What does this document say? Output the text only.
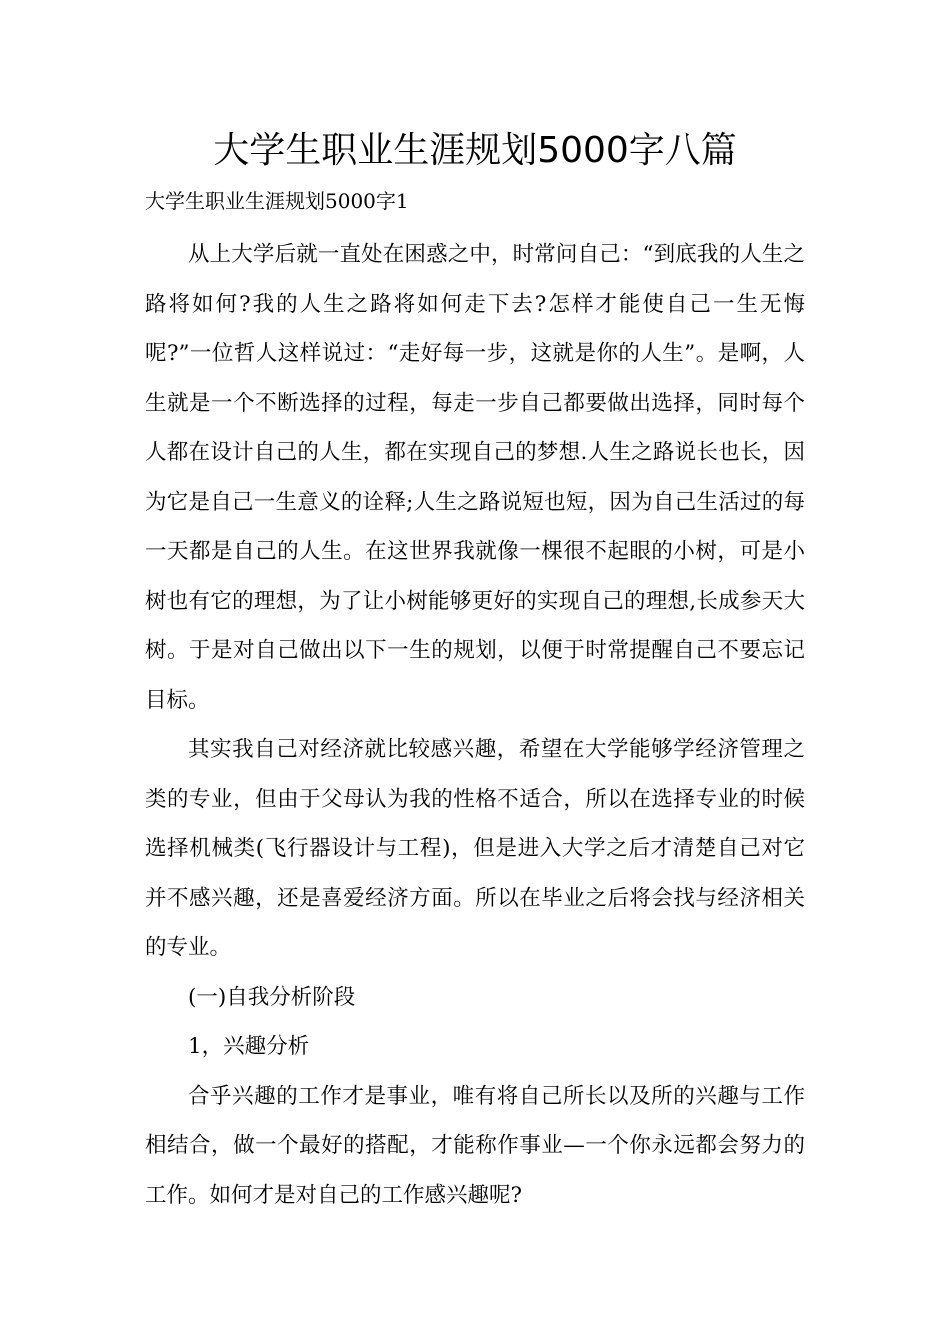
大学生职业生涯规划5000字八篇
大学生职业生涯规划5000字1

从上大学后就一直处在困惑之中，时常问自己：“到底我的人生之路将如何?我的人生之路将如何走下去?怎样才能使自己一生无悔呢?”一位哲人这样说过：“走好每一步，这就是你的人生”。是啊，人生就是一个不断选择的过程，每走一步自己都要做出选择，同时每个人都在设计自己的人生，都在实现自己的梦想.人生之路说长也长，因为它是自己一生意义的诠释;人生之路说短也短，因为自己生活过的每一天都是自己的人生。在这世界我就像一棵很不起眼的小树，可是小树也有它的理想，为了让小树能够更好的实现自己的理想,长成参天大树。于是对自己做出以下一生的规划，以便于时常提醒自己不要忘记目标。

其实我自己对经济就比较感兴趣，希望在大学能够学经济管理之类的专业，但由于父母认为我的性格不适合，所以在选择专业的时候选择机械类(飞行器设计与工程)，但是进入大学之后才清楚自己对它并不感兴趣，还是喜爱经济方面。所以在毕业之后将会找与经济相关的专业。

(一)自我分析阶段

1，兴趣分析

合乎兴趣的工作才是事业，唯有将自己所长以及所的兴趣与工作相结合，做一个最好的搭配，才能称作事业—一个你永远都会努力的工作。如何才是对自己的工作感兴趣呢?
